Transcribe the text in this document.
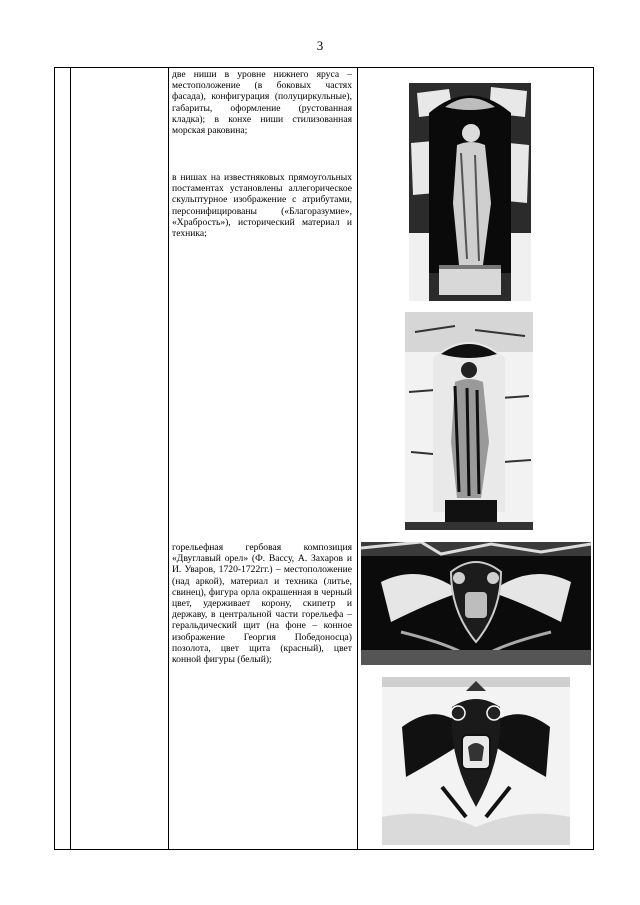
3

две ниши в уровне нижнего яруса – местоположение (в боковых частях фасада), конфигурация (полуциркульные), габариты, оформление (рустованная кладка); в конхе ниши стилизованная морская раковина;

в нишах на известняковых прямоугольных постаментах установлены аллегорическое скульптурное изображение с атрибутами, персонифицированы («Благоразумие», «Храбрость»), исторический материал и техника;

горельефная гербовая композиция «Двуглавый орел» (Ф. Вассу, А. Захаров и И. Уваров, 1720-1722гг.) – местоположение (над аркой), материал и техника (литье, свинец), фигура орла окрашенная в черный цвет, удерживает корону, скипетр и державу, в центральной части горельефа – геральдический щит (на фоне – конное изображение Георгия Победоносца) позолота, цвет щита (красный), цвет конной фигуры (белый);
